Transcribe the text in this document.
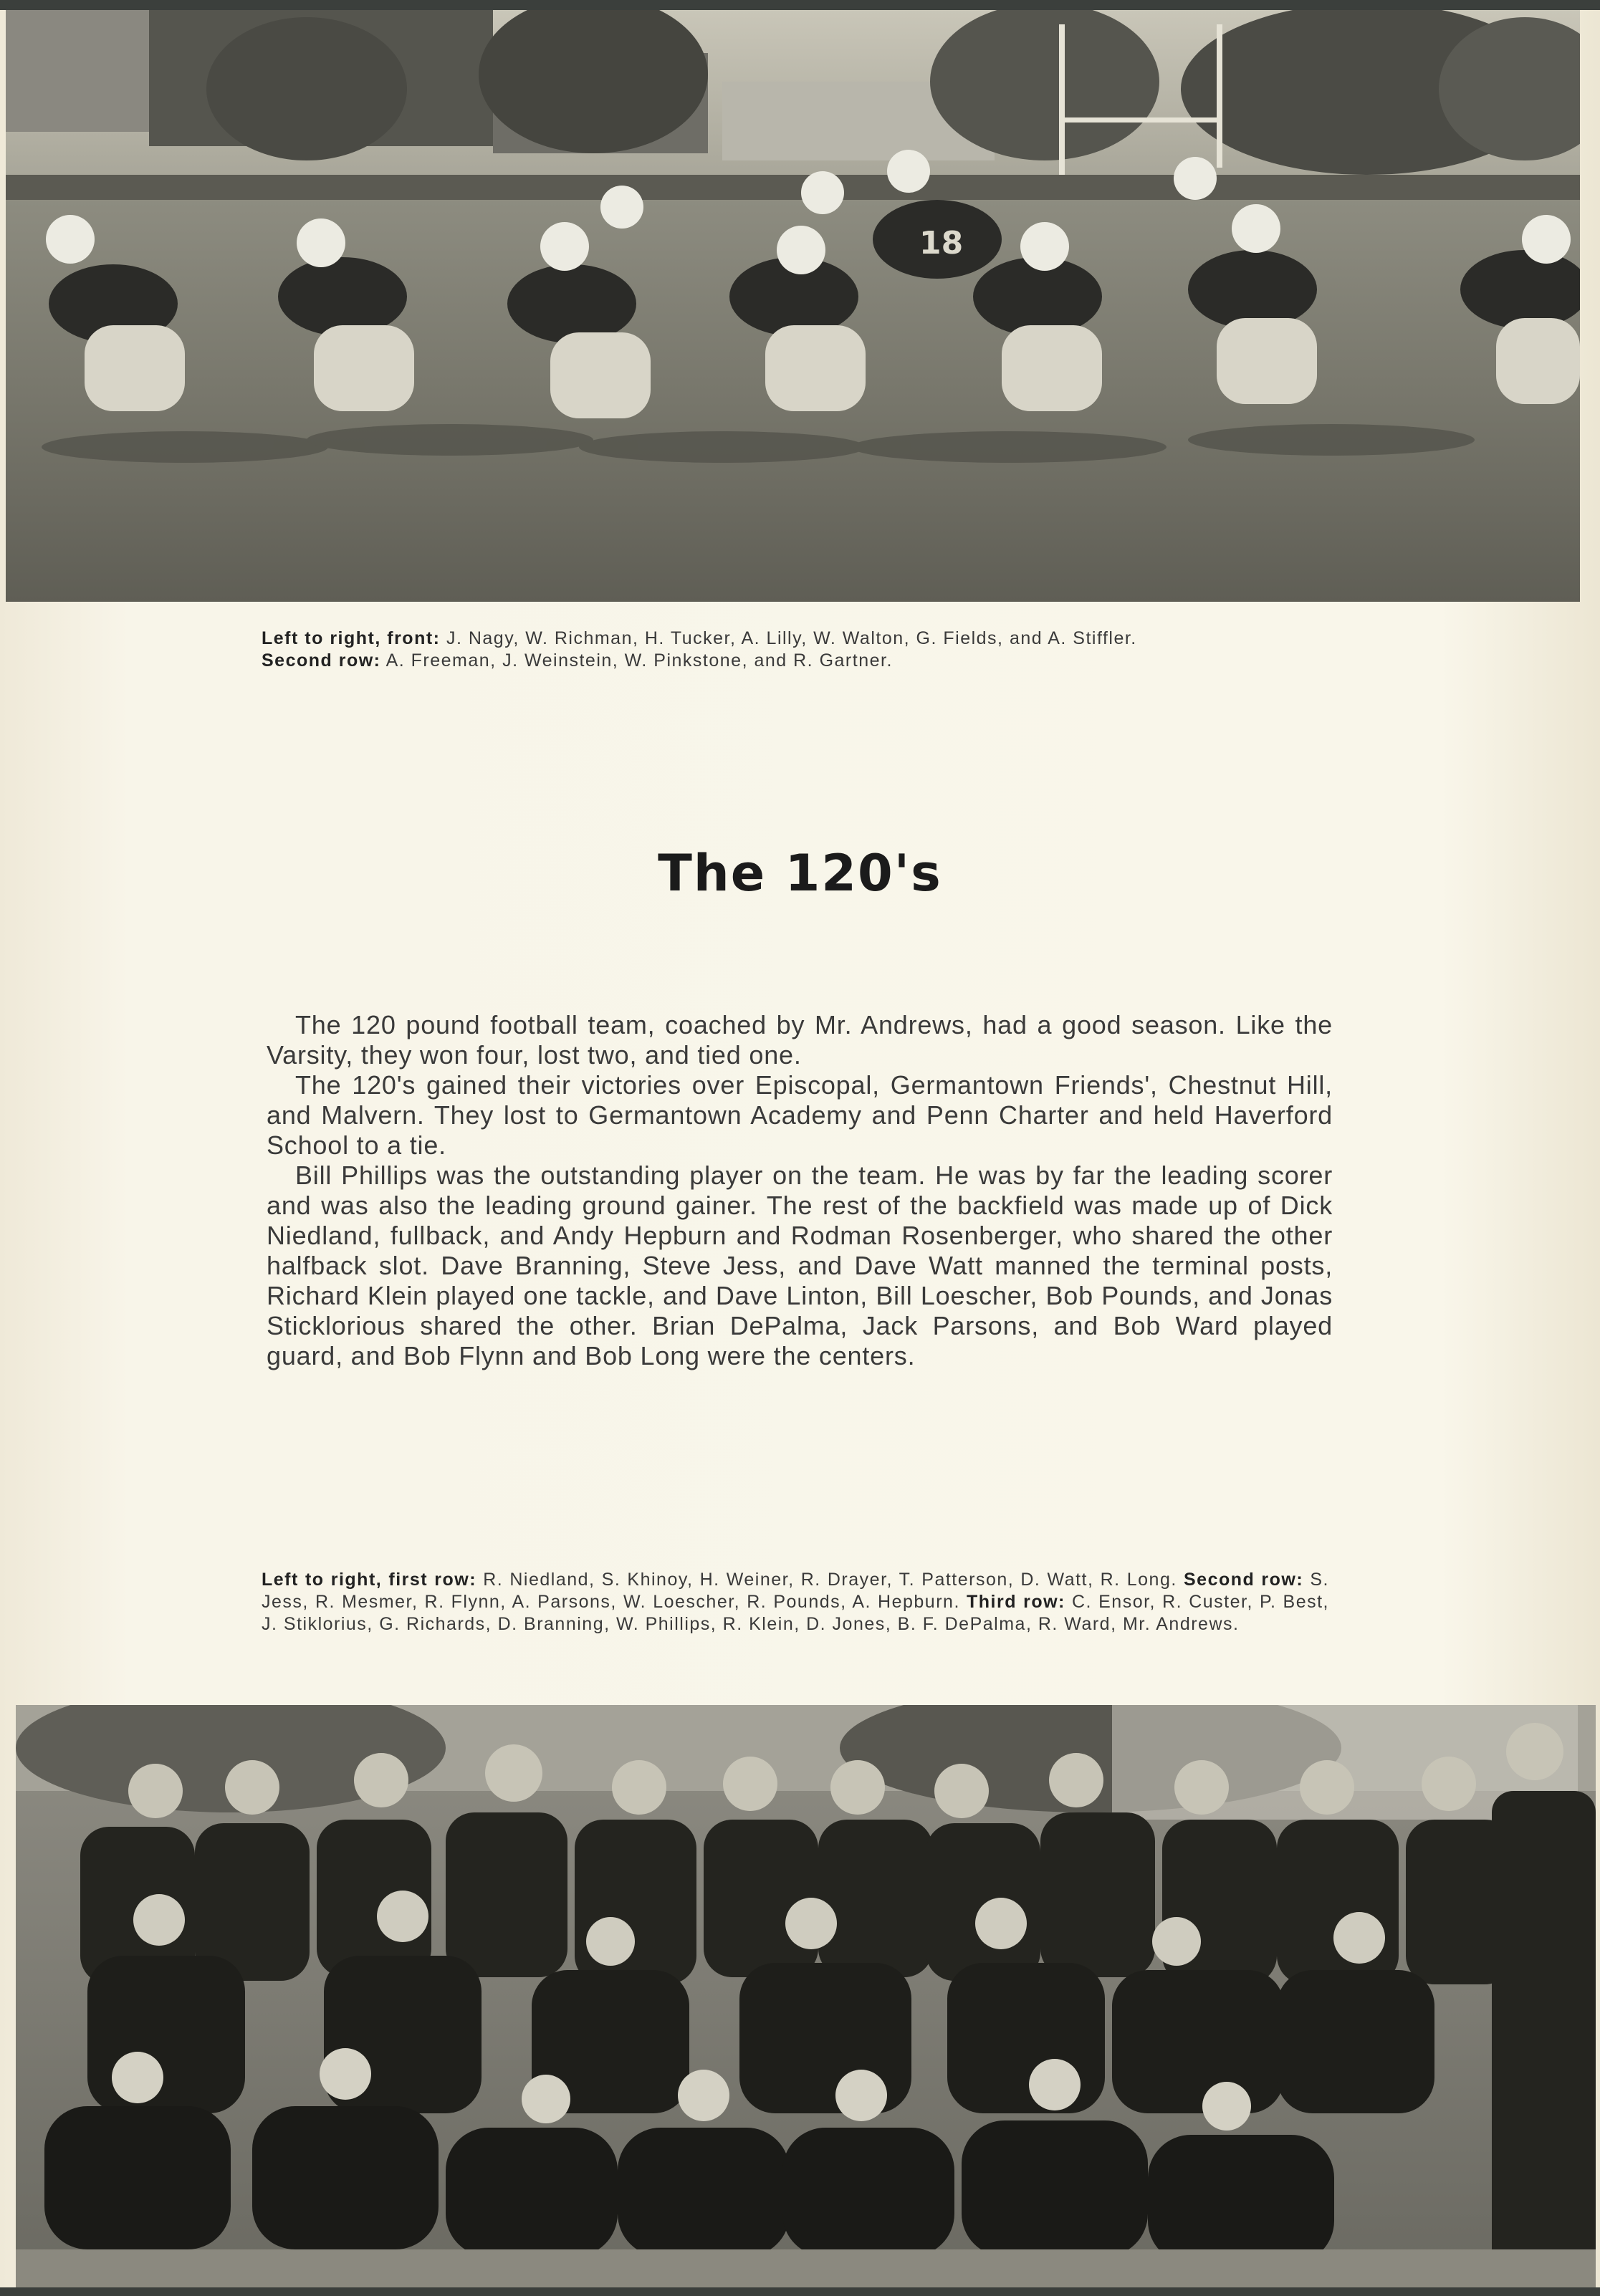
18
Left to right, front: J. Nagy, W. Richman, H. Tucker, A. Lilly, W. Walton, G. Fields, and A. Stiffler.
Second row: A. Freeman, J. Weinstein, W. Pinkstone, and R. Gartner.
The 120's

The 120 pound football team, coached by Mr. Andrews, had a good season. Like the Varsity, they won four, lost two, and tied one.

The 120's gained their victories over Episcopal, Germantown Friends', Chestnut Hill, and Malvern. They lost to Germantown Academy and Penn Charter and held Haverford School to a tie.

Bill Phillips was the outstanding player on the team. He was by far the leading scorer and was also the leading ground gainer. The rest of the backfield was made up of Dick Niedland, fullback, and Andy Hepburn and Rodman Rosenberger, who shared the other halfback slot. Dave Branning, Steve Jess, and Dave Watt manned the terminal posts, Richard Klein played one tackle, and Dave Linton, Bill Loescher, Bob Pounds, and Jonas Sticklorious shared the other. Brian DePalma, Jack Parsons, and Bob Ward played guard, and Bob Flynn and Bob Long were the centers.

Left to right, first row: R. Niedland, S. Khinoy, H. Weiner, R. Drayer, T. Patterson, D. Watt, R. Long. Second row: S. Jess, R. Mesmer, R. Flynn, A. Parsons, W. Loescher, R. Pounds, A. Hepburn. Third row: C. Ensor, R. Custer, P. Best, J. Stiklorius, G. Richards, D. Branning, W. Phillips, R. Klein, D. Jones, B. F. DePalma, R. Ward, Mr. Andrews.
